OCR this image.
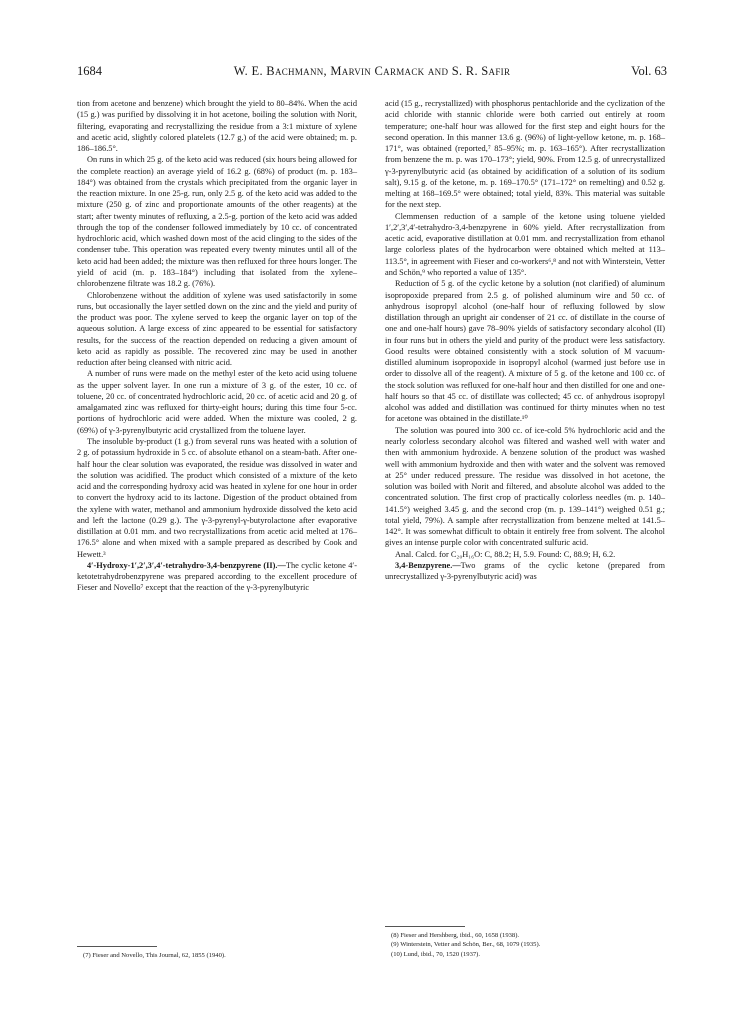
1684	W. E. Bachmann, Marvin Carmack and S. R. Safir	Vol. 63

tion from acetone and benzene) which brought the yield to 80–84%. When the acid (15 g.) was purified by dissolving it in hot acetone, boiling the solution with Norit, filtering, evaporating and recrystallizing the residue from a 3:1 mixture of xylene and acetic acid, slightly colored platelets (12.7 g.) of the acid were obtained; m. p. 186–186.5°.

On runs in which 25 g. of the keto acid was reduced (six hours being allowed for the complete reaction) an average yield of 16.2 g. (68%) of product (m. p. 183–184°) was obtained from the crystals which precipitated from the organic layer in the reaction mixture. In one 25-g. run, only 2.5 g. of the keto acid was added to the mixture (250 g. of zinc and proportionate amounts of the other reagents) at the start; after twenty minutes of refluxing, a 2.5-g. portion of the keto acid was added through the top of the condenser followed immediately by 10 cc. of concentrated hydrochloric acid, which washed down most of the acid clinging to the sides of the condenser tube. This operation was repeated every twenty minutes until all of the keto acid had been added; the mixture was then refluxed for three hours longer. The yield of acid (m. p. 183–184°) including that isolated from the xylene–chlorobenzene filtrate was 18.2 g. (76%).

Chlorobenzene without the addition of xylene was used satisfactorily in some runs, but occasionally the layer settled down on the zinc and the yield and purity of the product was poor. The xylene served to keep the organic layer on top of the aqueous solution. A large excess of zinc appeared to be essential for satisfactory results, for the success of the reaction depended on reducing a given amount of keto acid as rapidly as possible. The recovered zinc may be used in another reduction after being cleansed with nitric acid.

A number of runs were made on the methyl ester of the keto acid using toluene as the upper solvent layer. In one run a mixture of 3 g. of the ester, 10 cc. of toluene, 20 cc. of concentrated hydrochloric acid, 20 cc. of acetic acid and 20 g. of amalgamated zinc was refluxed for thirty-eight hours; during this time four 5-cc. portions of hydrochloric acid were added. When the mixture was cooled, 2 g. (69%) of γ-3-pyrenylbutyric acid crystallized from the toluene layer.

The insoluble by-product (1 g.) from several runs was heated with a solution of 2 g. of potassium hydroxide in 5 cc. of absolute ethanol on a steam-bath. After one-half hour the clear solution was evaporated, the residue was dissolved in water and the solution was acidified. The product which consisted of a mixture of the keto acid and the corresponding hydroxy acid was heated in xylene for one hour in order to convert the hydroxy acid to its lactone. Digestion of the product obtained from the xylene with water, methanol and ammonium hydroxide dissolved the keto acid and left the lactone (0.29 g.). The γ-3-pyrenyl-γ-butyrolactone after evaporative distillation at 0.01 mm. and two recrystallizations from acetic acid melted at 176–176.5° alone and when mixed with a sample prepared as described by Cook and Hewett.³

4′-Hydroxy-1′,2′,3′,4′-tetrahydro-3,4-benzpyrene (II).—The cyclic ketone 4′-ketotetrahydrobenzpyrene was prepared according to the excellent procedure of Fieser and Novello⁷ except that the reaction of the γ-3-pyrenylbutyric

(7) Fieser and Novello, This Journal, 62, 1855 (1940).

acid (15 g., recrystallized) with phosphorus pentachloride and the cyclization of the acid chloride with stannic chloride were both carried out entirely at room temperature; one-half hour was allowed for the first step and eight hours for the second operation. In this manner 13.6 g. (96%) of light-yellow ketone, m. p. 168–171°, was obtained (reported,⁷ 85–95%; m. p. 163–165°). After recrystallization from benzene the m. p. was 170–173°; yield, 90%. From 12.5 g. of unrecrystallized γ-3-pyrenylbutyric acid (as obtained by acidification of a solution of its sodium salt), 9.15 g. of the ketone, m. p. 169–170.5° (171–172° on remelting) and 0.52 g. melting at 168–169.5° were obtained; total yield, 83%. This material was suitable for the next step.

Clemmensen reduction of a sample of the ketone using toluene yielded 1′,2′,3′,4′-tetrahydro-3,4-benzpyrene in 60% yield. After recrystallization from acetic acid, evaporative distillation at 0.01 mm. and recrystallization from ethanol large colorless plates of the hydrocarbon were obtained which melted at 113–113.5°, in agreement with Fieser and co-workers⁶,⁸ and not with Winterstein, Vetter and Schön,⁹ who reported a value of 135°.

Reduction of 5 g. of the cyclic ketone by a solution (not clarified) of aluminum isopropoxide prepared from 2.5 g. of polished aluminum wire and 50 cc. of anhydrous isopropyl alcohol (one-half hour of refluxing followed by slow distillation through an upright air condenser of 21 cc. of distillate in the course of one and one-half hours) gave 78–90% yields of satisfactory secondary alcohol (II) in four runs but in others the yield and purity of the product were less satisfactory. Good results were obtained consistently with a stock solution of M vacuum-distilled aluminum isopropoxide in isopropyl alcohol (warmed just before use in order to dissolve all of the reagent). A mixture of 5 g. of the ketone and 100 cc. of the stock solution was refluxed for one-half hour and then distilled for one and one-half hours so that 45 cc. of distillate was collected; 45 cc. of anhydrous isopropyl alcohol was added and distillation was continued for thirty minutes when no test for acetone was obtained in the distillate.¹⁰

The solution was poured into 300 cc. of ice-cold 5% hydrochloric acid and the nearly colorless secondary alcohol was filtered and washed well with water and then with ammonium hydroxide. A benzene solution of the product was washed well with ammonium hydroxide and then with water and the solvent was removed at 25° under reduced pressure. The residue was dissolved in hot acetone, the solution was boiled with Norit and filtered, and absolute alcohol was added to the concentrated solution. The first crop of practically colorless needles (m. p. 140–141.5°) weighed 3.45 g. and the second crop (m. p. 139–141°) weighed 0.51 g.; total yield, 79%). A sample after recrystallization from benzene melted at 141.5–142°. It was somewhat difficult to obtain it entirely free from solvent. The alcohol gives an intense purple color with concentrated sulfuric acid.

Anal. Calcd. for C₂₀H₁₆O: C, 88.2; H, 5.9. Found: C, 88.9; H, 6.2.

3,4-Benzpyrene.—Two grams of the cyclic ketone (prepared from unrecrystallized γ-3-pyrenylbutyric acid) was

(8) Fieser and Hershberg, ibid., 60, 1658 (1938).

(9) Winterstein, Vetter and Schön, Ber., 68, 1079 (1935).

(10) Lund, ibid., 70, 1520 (1937).
